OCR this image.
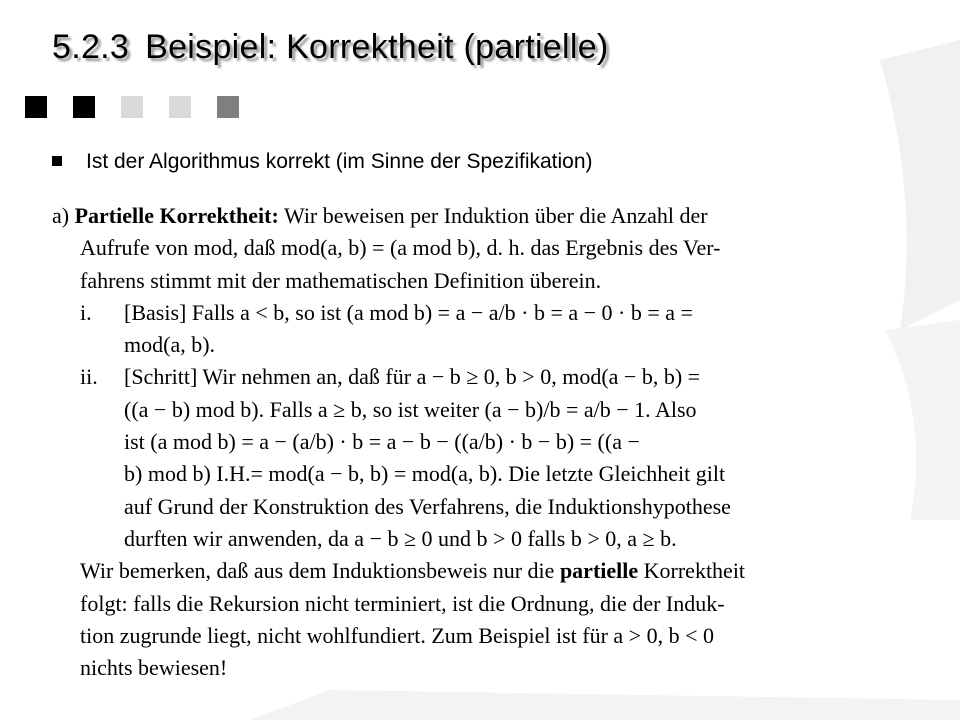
5.2.3 Beispiel: Korrektheit (partielle)
Ist der Algorithmus korrekt (im Sinne der Spezifikation)
a) Partielle Korrektheit: Wir beweisen per Induktion über die Anzahl der
Aufrufe von mod, daß mod(a, b) = (a mod b), d. h. das Ergebnis des Ver-
fahrens stimmt mit der mathematischen Definition überein.
i. [Basis] Falls a < b, so ist (a mod b) = a − a/b · b = a − 0 · b = a =
mod(a, b).
ii. [Schritt] Wir nehmen an, daß für a − b ≥ 0, b > 0, mod(a − b, b) =
((a − b) mod b). Falls a ≥ b, so ist weiter (a − b)/b = a/b − 1. Also
ist (a mod b) = a − (a/b) · b = a − b − ((a/b) · b − b) = ((a −
b) mod b) I.H.= mod(a − b, b) = mod(a, b). Die letzte Gleichheit gilt
auf Grund der Konstruktion des Verfahrens, die Induktionshypothese
durften wir anwenden, da a − b ≥ 0 und b > 0 falls b > 0, a ≥ b.
Wir bemerken, daß aus dem Induktionsbeweis nur die partielle Korrektheit
folgt: falls die Rekursion nicht terminiert, ist die Ordnung, die der Induk-
tion zugrunde liegt, nicht wohlfundiert. Zum Beispiel ist für a > 0, b < 0
nichts bewiesen!
